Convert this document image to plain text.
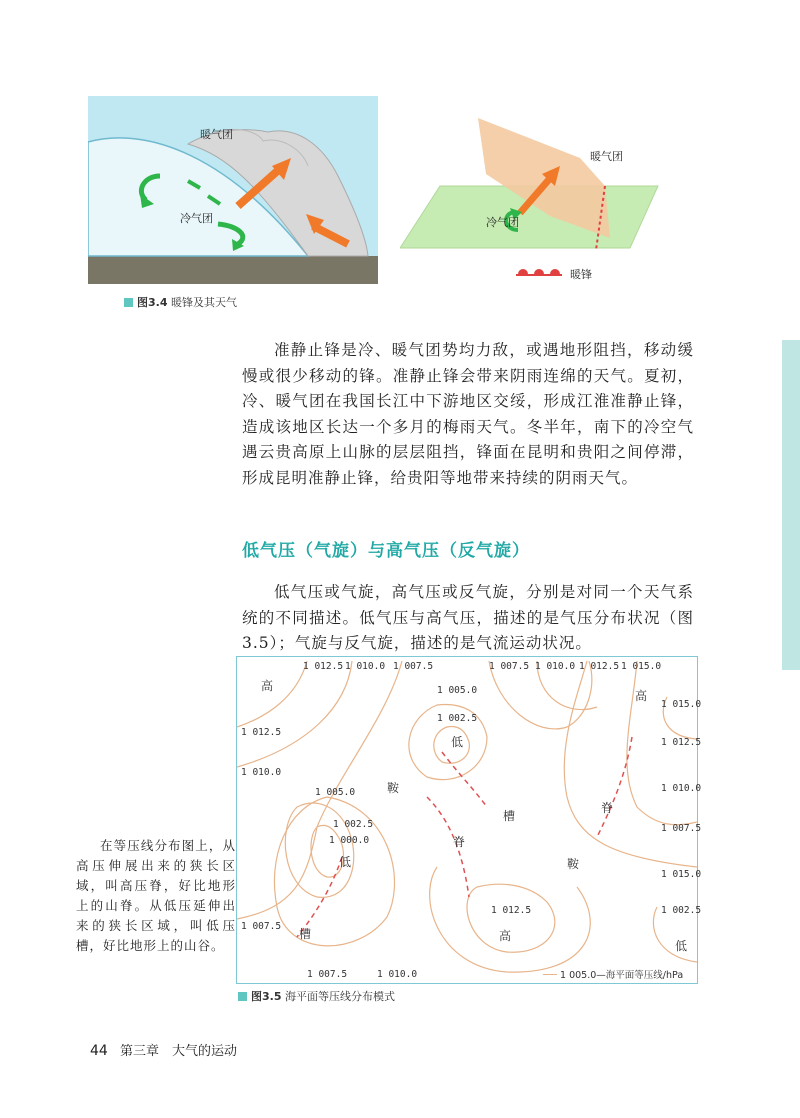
暖气团
冷气团
暖气团
冷气团
暖锋
图3.4 暖锋及其天气
准静止锋是冷、暖气团势均力敌，或遇地形阻挡，移动缓慢或很少移动的锋。准静止锋会带来阴雨连绵的天气。夏初，冷、暖气团在我国长江中下游地区交绥，形成江淮准静止锋，造成该地区长达一个多月的梅雨天气。冬半年，南下的冷空气遇云贵高原上山脉的层层阻挡，锋面在昆明和贵阳之间停滞，形成昆明准静止锋，给贵阳等地带来持续的阴雨天气。
低气压（气旋）与高气压（反气旋）
低气压或气旋，高气压或反气旋，分别是对同一个天气系统的不同描述。低气压与高气压，描述的是气压分布状况（图3.5）；气旋与反气旋，描述的是气流运动状况。
1 012.5 1 010.0 1 007.5	1 007.5 1 010.0 1 012.5 1 015.0
1 012.5
1 010.0
1 007.5
1 015.0
1 012.5
1 010.0
1 007.5
1 015.0
1 002.5
1 007.5	1 010.0
1 005.0
1 002.5
1 005.0
1 002.5
1 000.0
1 012.5
高
高
高
低
低
低
鞍
鞍
槽
槽
脊
脊
1 005.0—海平面等压线/hPa
图3.5 海平面等压线分布模式
在等压线分布图上，从高压伸展出来的狭长区域，叫高压脊，好比地形上的山脊。从低压延伸出来的狭长区域，叫低压槽，好比地形上的山谷。
44 第三章　大气的运动
